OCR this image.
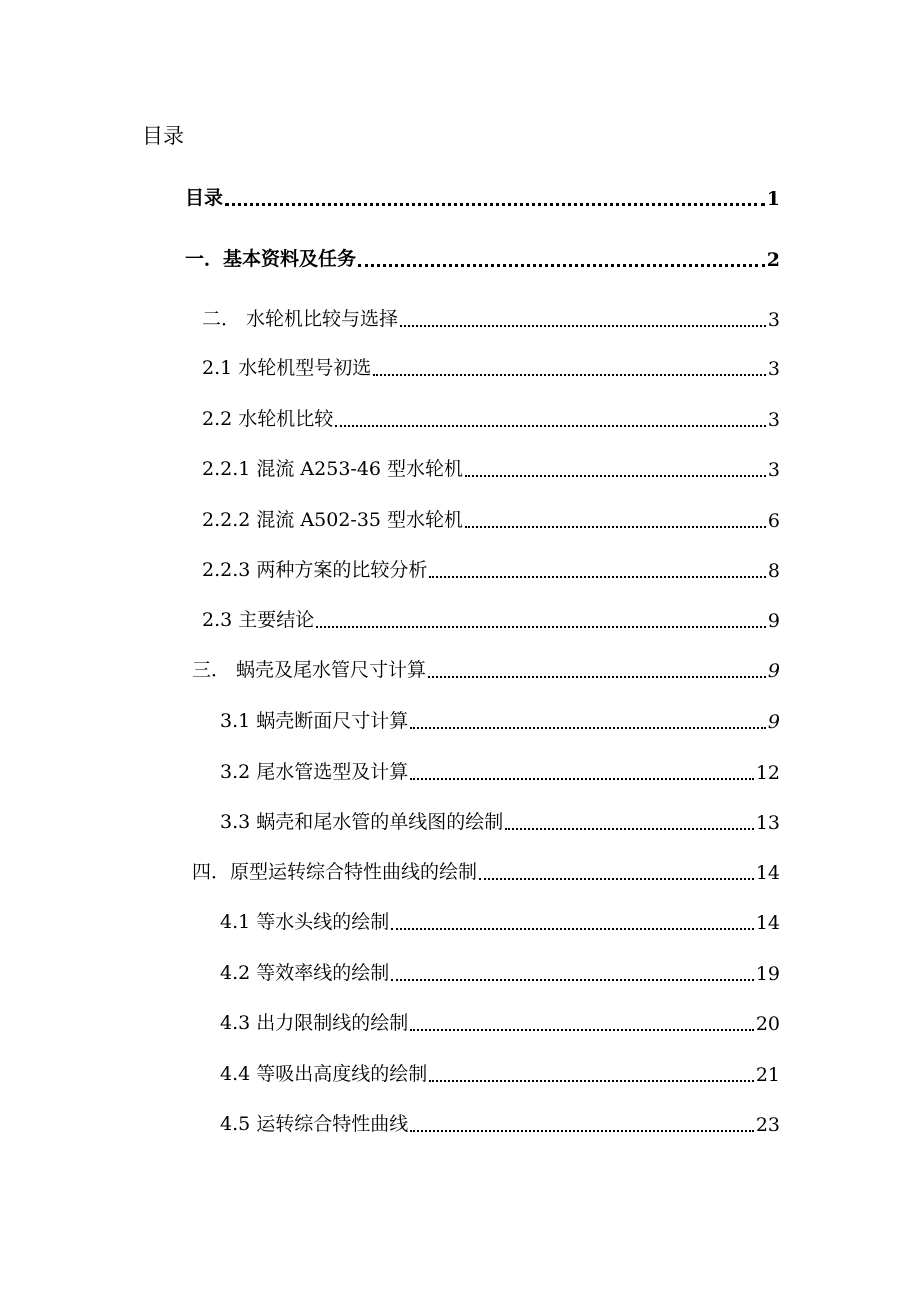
目录
目录	1
一．基本资料及任务	2
二． 水轮机比较与选择	3
2.1 水轮机型号初选	3
2.2 水轮机比较	3
2.2.1 混流 A253-46 型水轮机	3
2.2.2 混流 A502-35 型水轮机	6
2.2.3 两种方案的比较分析	8
2.3 主要结论	9
三． 蜗壳及尾水管尺寸计算	9
3.1 蜗壳断面尺寸计算	9
3.2 尾水管选型及计算	12
3.3 蜗壳和尾水管的单线图的绘制	13
四．原型运转综合特性曲线的绘制	14
4.1 等水头线的绘制	14
4.2 等效率线的绘制	19
4.3 出力限制线的绘制	20
4.4 等吸出高度线的绘制	21
4.5 运转综合特性曲线	23
